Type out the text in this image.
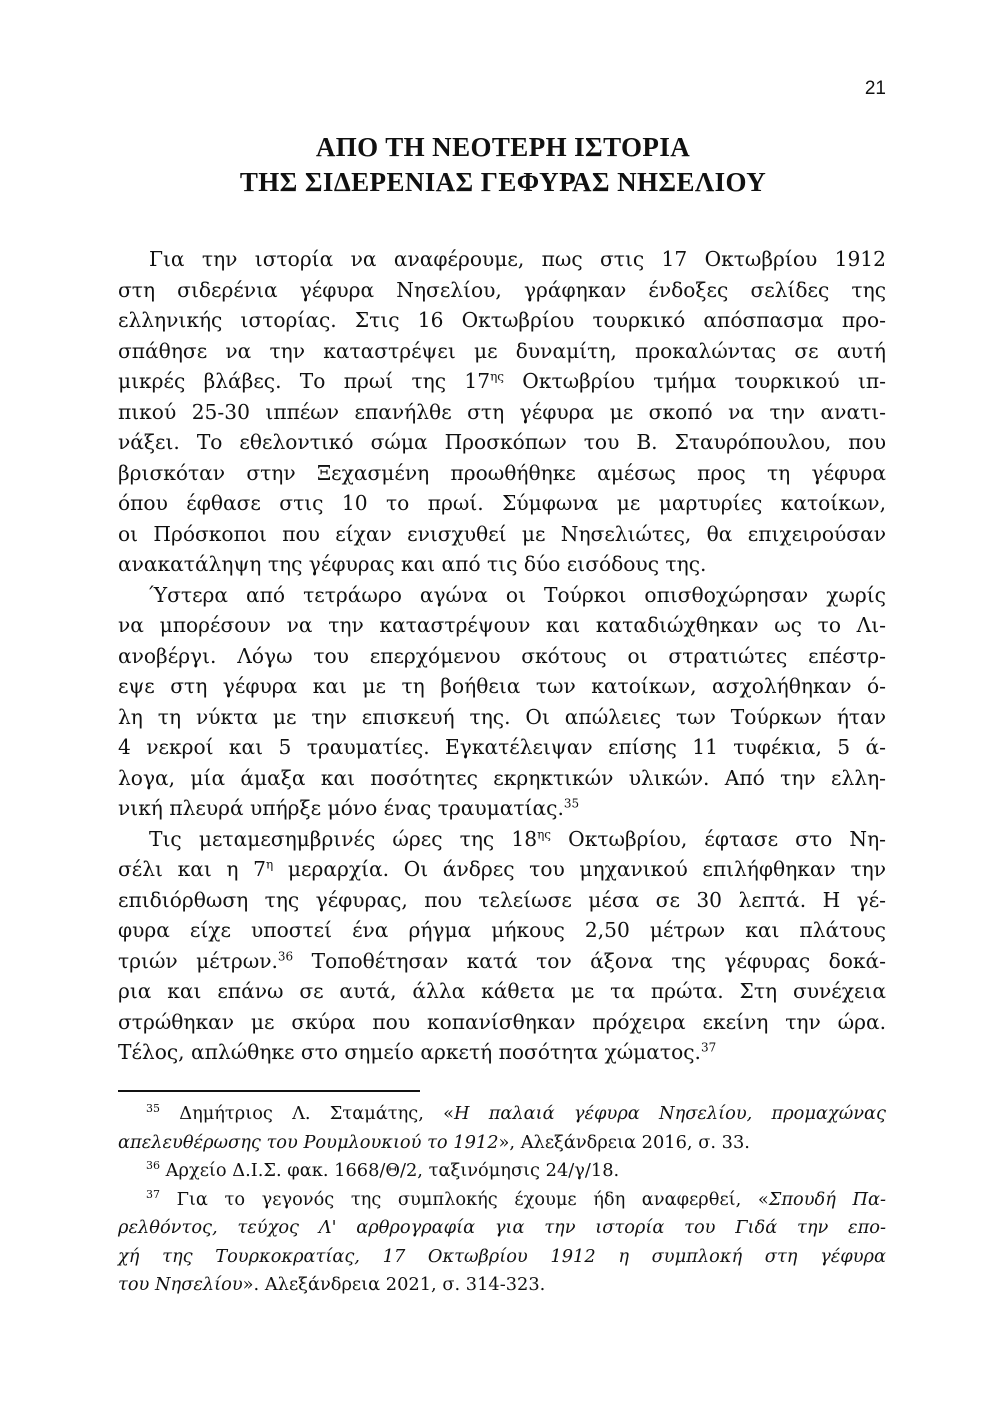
21
ΑΠΟ ΤΗ ΝΕΟΤΕΡΗ ΙΣΤΟΡΙΑ
ΤΗΣ ΣΙΔΕΡΕΝΙΑΣ ΓΕΦΥΡΑΣ ΝΗΣΕΛΙΟΥ
Για την ιστορία να αναφέρουμε, πως στις 17 Οκτωβρίου 1912
στη σιδερένια γέφυρα Νησελίου, γράφηκαν ένδοξες σελίδες της
ελληνικής ιστορίας. Στις 16 Οκτωβρίου τουρκικό απόσπασμα προ-
σπάθησε να την καταστρέψει με δυναμίτη, προκαλώντας σε αυτή
μικρές βλάβες. Το πρωί της $17^{\eta\varsigma}$ Οκτωβρίου τμήμα τουρκικού ιπ-
πικού 25-30 ιππέων επανήλθε στη γέφυρα με σκοπό να την ανατι-
νάξει. Το εθελοντικό σώμα Προσκόπων του Β. Σταυρόπουλου, που
βρισκόταν στην Ξεχασμένη προωθήθηκε αμέσως προς τη γέφυρα
όπου έφθασε στις 10 το πρωί. Σύμφωνα με μαρτυρίες κατοίκων,
οι Πρόσκοποι που είχαν ενισχυθεί με Νησελιώτες, θα επιχειρούσαν
ανακατάληψη της γέφυρας και από τις δύο εισόδους της.
Ύστερα από τετράωρο αγώνα οι Τούρκοι οπισθοχώρησαν χωρίς
να μπορέσουν να την καταστρέψουν και καταδιώχθηκαν ως το Λι-
ανοβέργι. Λόγω του επερχόμενου σκότους οι στρατιώτες επέστρ-
εψε στη γέφυρα και με τη βοήθεια των κατοίκων, ασχολήθηκαν ό-
λη τη νύκτα με την επισκευή της. Οι απώλειες των Τούρκων ήταν
4 νεκροί και 5 τραυματίες. Εγκατέλειψαν επίσης 11 τυφέκια, 5 ά-
λογα, μία άμαξα και ποσότητες εκρηκτικών υλικών. Από την ελλη-
νική πλευρά υπήρξε μόνο ένας τραυματίας.$^{35}$
Τις μεταμεσημβρινές ώρες της $18^{\eta\varsigma}$ Οκτωβρίου, έφτασε στο Νη-
σέλι και η $7^\eta$ μεραρχία. Οι άνδρες του μηχανικού επιλήφθηκαν την
επιδιόρθωση της γέφυρας, που τελείωσε μέσα σε 30 λεπτά. Η γέ-
φυρα είχε υποστεί ένα ρήγμα μήκους 2,50 μέτρων και πλάτους
τριών μέτρων.$^{36}$ Τοποθέτησαν κατά τον άξονα της γέφυρας δοκά-
ρια και επάνω σε αυτά, άλλα κάθετα με τα πρώτα. Στη συνέχεια
στρώθηκαν με σκύρα που κοπανίσθηκαν πρόχειρα εκείνη την ώρα.
Τέλος, απλώθηκε στο σημείο αρκετή ποσότητα χώματος.$^{37}$
$^{35}$ Δημήτριος Λ. Σταμάτης, «Η παλαιά γέφυρα Νησελίου, προμαχώνας
απελευθέρωσης του Ρουμλουκιού το 1912», Αλεξάνδρεια 2016, σ. 33.
$^{36}$ Αρχείο Δ.Ι.Σ. φακ. 1668/Θ/2, ταξινόμησις 24/γ/18.
$^{37}$ Για το γεγονός της συμπλοκής έχουμε ήδη αναφερθεί, «Σπουδή Πα-
ρελθόντος, τεύχος Λ' αρθρογραφία για την ιστορία του Γιδά την επο-
χή της Τουρκοκρατίας, 17 Οκτωβρίου 1912 η συμπλοκή στη γέφυρα
του Νησελίου». Αλεξάνδρεια 2021, σ. 314-323.
